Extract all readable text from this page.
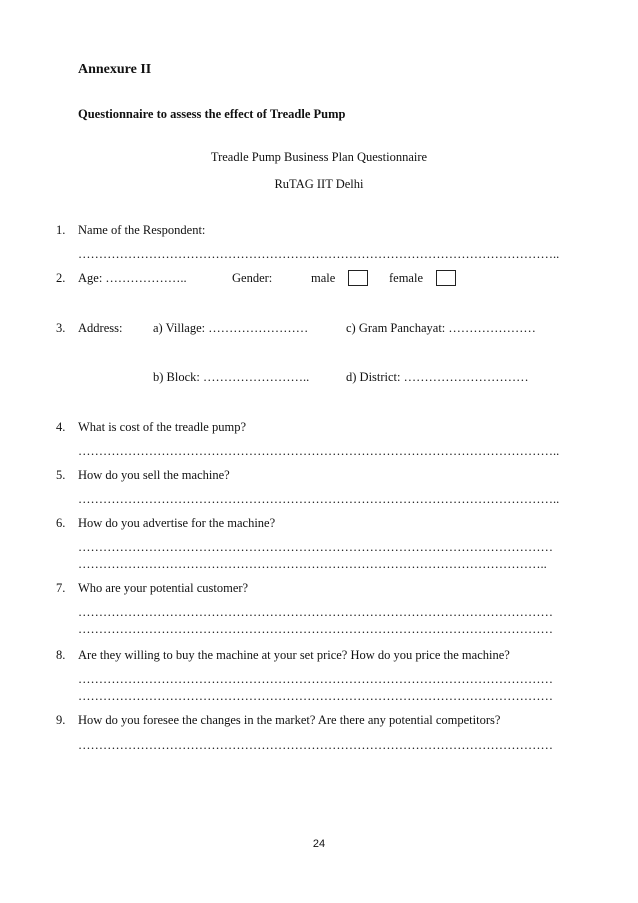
Annexure II
Questionnaire to assess the effect of Treadle Pump
Treadle Pump Business Plan Questionnaire
RuTAG IIT Delhi
1. Name of the Respondent:
……………………………………………………………………………………………………..
2. Age: ………………..	Gender:	male	female
3. Address: a) Village: ……………………	c) Gram Panchayat: …………………
b) Block: ……………………..	d) District: …………………………
4. What is cost of the treadle pump?
……………………………………………………………………………………………………..
5. How do you sell the machine?
……………………………………………………………………………………………………..
6. How do you advertise for the machine?
……………………………………………………………………………………………………
…………………………………………………………………………………………………..
7. Who are your potential customer?
……………………………………………………………………………………………………
……………………………………………………………………………………………………
8. Are they willing to buy the machine at your set price? How do you price the machine?
……………………………………………………………………………………………………
……………………………………………………………………………………………………
9. How do you foresee the changes in the market? Are there any potential competitors?
……………………………………………………………………………………………………
24
